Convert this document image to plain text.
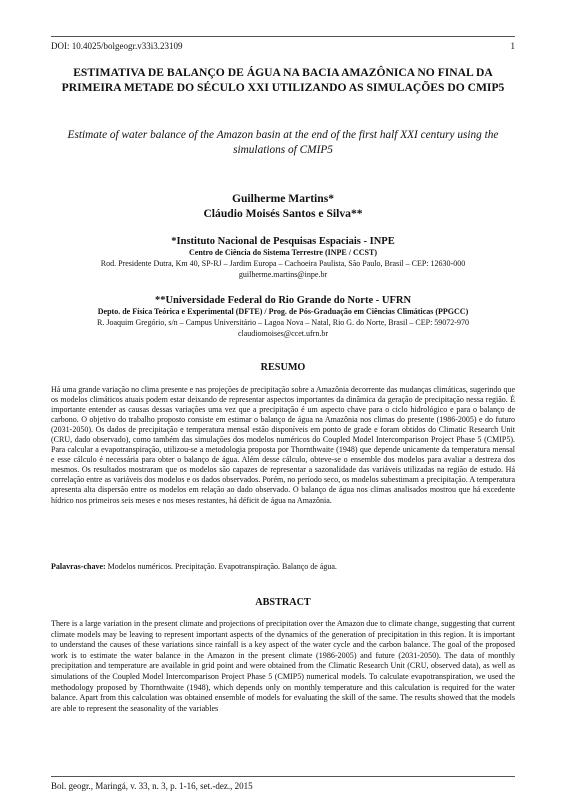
DOI: 10.4025/bolgeogr.v33i3.23109	1
ESTIMATIVA DE BALANÇO DE ÁGUA NA BACIA AMAZÔNICA NO FINAL DA PRIMEIRA METADE DO SÉCULO XXI UTILIZANDO AS SIMULAÇÕES DO CMIP5

Estimate of water balance of the Amazon basin at the end of the first half XXI century using the simulations of CMIP5

Guilherme Martins*
Cláudio Moisés Santos e Silva**
*Instituto Nacional de Pesquisas Espaciais - INPE
Centro de Ciência do Sistema Terrestre (INPE / CCST)
Rod. Presidente Dutra, Km 40, SP-RJ – Jardim Europa – Cachoeira Paulista, São Paulo, Brasil – CEP: 12630-000
guilherme.martins@inpe.br
**Universidade Federal do Rio Grande do Norte - UFRN
Depto. de Física Teórica e Experimental (DFTE) / Prog. de Pós-Graduação em Ciências Climáticas (PPGCC)
R. Joaquim Gregório, s/n – Campus Universitário – Lagoa Nova – Natal, Rio G. do Norte, Brasil – CEP: 59072-970
claudiomoises@ccet.ufrn.br
RESUMO

Há uma grande variação no clima presente e nas projeções de precipitação sobre a Amazônia decorrente das mudanças climáticas, sugerindo que os modelos climáticos atuais podem estar deixando de representar aspectos importantes da dinâmica da geração de precipitação nessa região. É importante entender as causas dessas variações uma vez que a precipitação é um aspecto chave para o ciclo hidrológico e para o balanço de carbono. O objetivo do trabalho proposto consiste em estimar o balanço de água na Amazônia nos climas do presente (1986-2005) e do futuro (2031-2050). Os dados de precipitação e temperatura mensal estão disponíveis em ponto de grade e foram obtidos do Climatic Research Unit (CRU, dado observado), como também das simulações dos modelos numéricos do Coupled Model Intercomparison Project Phase 5 (CMIP5). Para calcular a evapotranspiração, utilizou-se a metodologia proposta por Thornthwaite (1948) que depende unicamente da temperatura mensal e esse cálculo é necessária para obter o balanço de água. Além desse cálculo, obteve-se o ensemble dos modelos para avaliar a destreza dos mesmos. Os resultados mostraram que os modelos são capazes de representar a sazonalidade das variáveis utilizadas na região de estudo. Há correlação entre as variáveis dos modelos e os dados observados. Porém, no período seco, os modelos subestimam a precipitação. A temperatura apresenta alta dispersão entre os modelos em relação ao dado observado. O balanço de água nos climas analisados mostrou que há excedente hídrico nos primeiros seis meses e nos meses restantes, há déficit de água na Amazônia.

Palavras-chave: Modelos numéricos. Precipitação. Evapotranspiração. Balanço de água.

ABSTRACT

There is a large variation in the present climate and projections of precipitation over the Amazon due to climate change, suggesting that current climate models may be leaving to represent important aspects of the dynamics of the generation of precipitation in this region. It is important to understand the causes of these variations since rainfall is a key aspect of the water cycle and the carbon balance. The goal of the proposed work is to estimate the water balance in the Amazon in the present climate (1986-2005) and future (2031-2050). The data of monthly precipitation and temperature are available in grid point and were obtained from the Climatic Research Unit (CRU, observed data), as well as simulations of the Coupled Model Intercomparison Project Phase 5 (CMIP5) numerical models. To calculate evapotranspiration, we used the methodology proposed by Thornthwaite (1948), which depends only on monthly temperature and this calculation is required for the water balance. Apart from this calculation was obtained ensemble of models for evaluating the skill of the same. The results showed that the models are able to represent the seasonality of the variables

Bol. geogr., Maringá, v. 33, n. 3, p. 1-16, set.-dez., 2015
